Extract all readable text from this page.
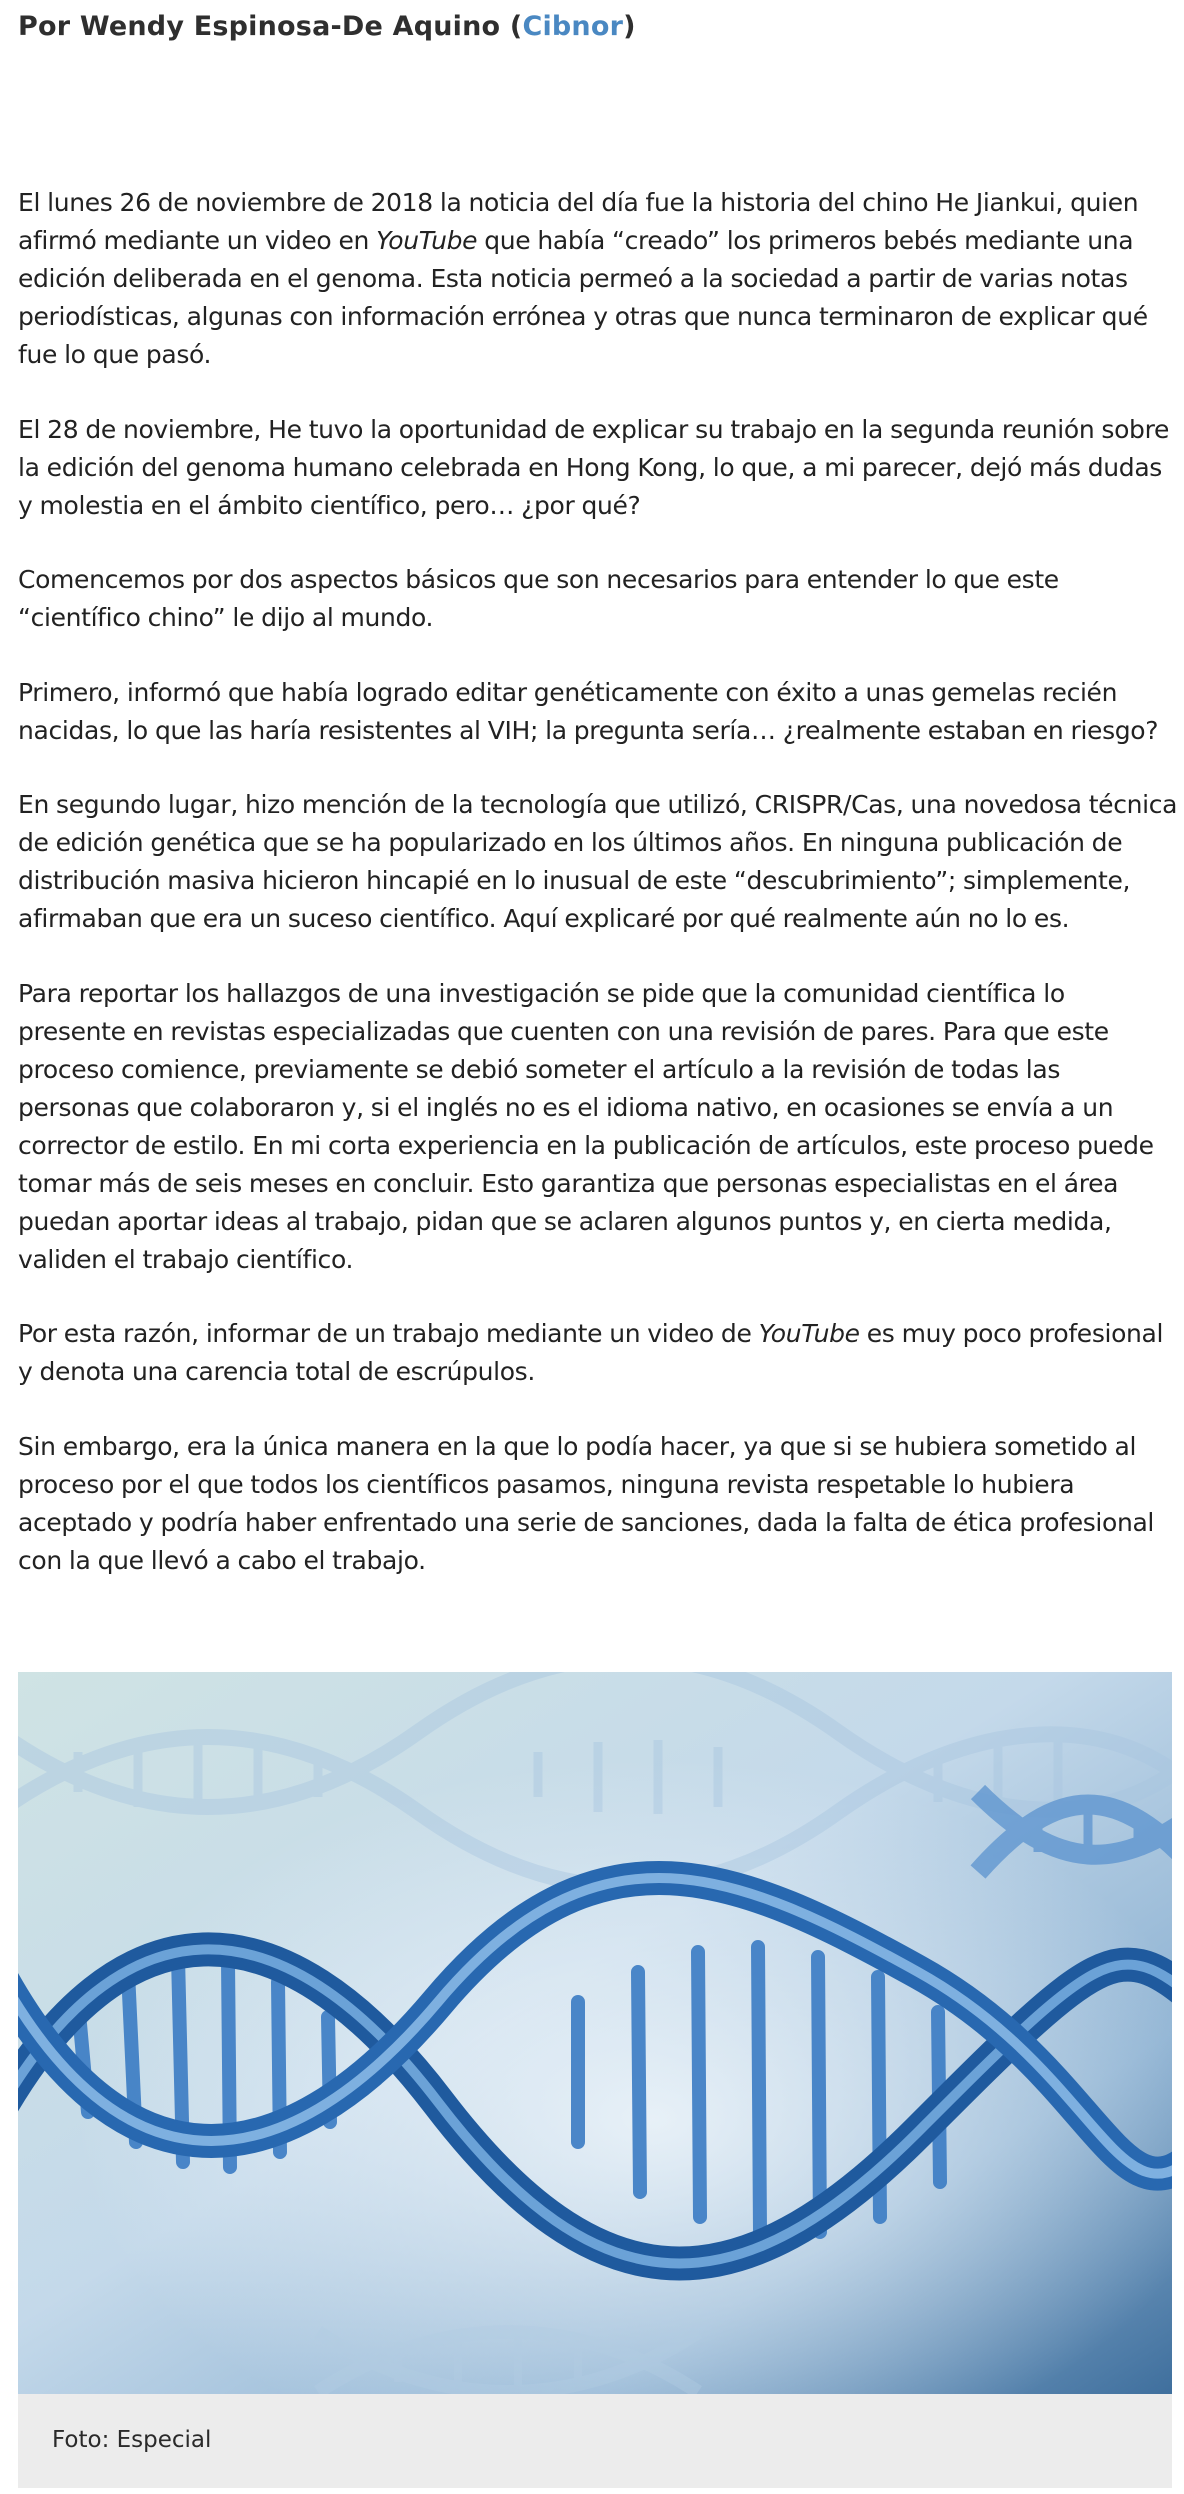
Por Wendy Espinosa-De Aquino (Cibnor)

El lunes 26 de noviembre de 2018 la noticia del día fue la historia del chino He Jiankui, quien afirmó mediante un video en YouTube que había “creado” los primeros bebés mediante una edición deliberada en el genoma. Esta noticia permeó a la sociedad a partir de varias notas periodísticas, algunas con información errónea y otras que nunca terminaron de explicar qué fue lo que pasó.

El 28 de noviembre, He tuvo la oportunidad de explicar su trabajo en la segunda reunión sobre la edición del genoma humano celebrada en Hong Kong, lo que, a mi parecer, dejó más dudas y molestia en el ámbito científico, pero… ¿por qué?

Comencemos por dos aspectos básicos que son necesarios para entender lo que este “científico chino” le dijo al mundo.

Primero, informó que había logrado editar genéticamente con éxito a unas gemelas recién nacidas, lo que las haría resistentes al VIH; la pregunta sería… ¿realmente estaban en riesgo?

En segundo lugar, hizo mención de la tecnología que utilizó, CRISPR/Cas, una novedosa técnica de edición genética que se ha popularizado en los últimos años. En ninguna publicación de distribución masiva hicieron hincapié en lo inusual de este “descubrimiento”; simplemente, afirmaban que era un suceso científico. Aquí explicaré por qué realmente aún no lo es.

Para reportar los hallazgos de una investigación se pide que la comunidad científica lo presente en revistas especializadas que cuenten con una revisión de pares. Para que este proceso comience, previamente se debió someter el artículo a la revisión de todas las personas que colaboraron y, si el inglés no es el idioma nativo, en ocasiones se envía a un corrector de estilo. En mi corta experiencia en la publicación de artículos, este proceso puede tomar más de seis meses en concluir. Esto garantiza que personas especialistas en el área puedan aportar ideas al trabajo, pidan que se aclaren algunos puntos y, en cierta medida, validen el trabajo científico.

Por esta razón, informar de un trabajo mediante un video de YouTube es muy poco profesional y denota una carencia total de escrúpulos.

Sin embargo, era la única manera en la que lo podía hacer, ya que si se hubiera sometido al proceso por el que todos los científicos pasamos, ninguna revista respetable lo hubiera aceptado y podría haber enfrentado una serie de sanciones, dada la falta de ética profesional con la que llevó a cabo el trabajo.

Foto: Especial
